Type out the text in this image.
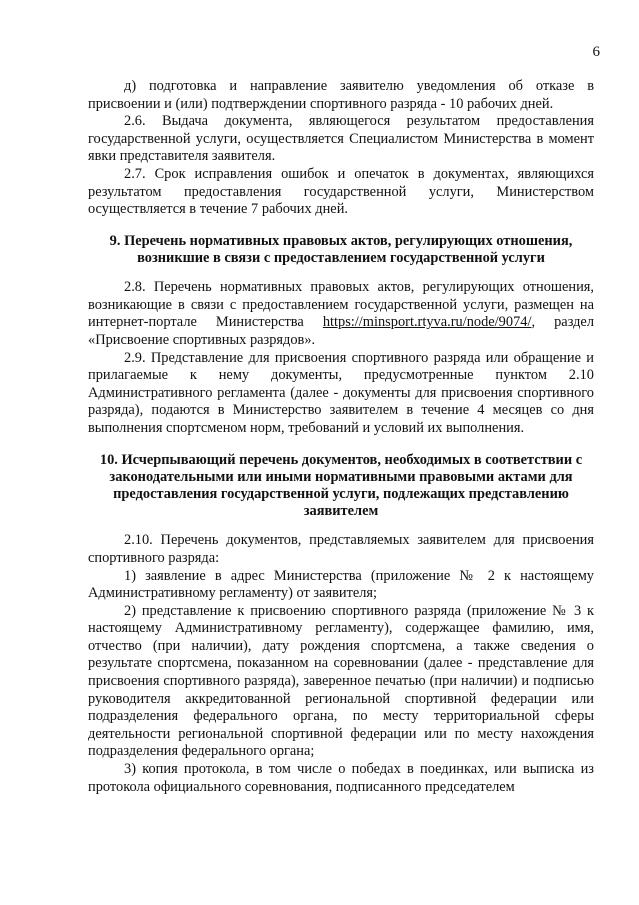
6

д) подготовка и направление заявителю уведомления об отказе в присвоении и (или) подтверждении спортивного разряда - 10 рабочих дней.

2.6. Выдача документа, являющегося результатом предоставления государственной услуги, осуществляется Специалистом Министерства в момент явки представителя заявителя.

2.7. Срок исправления ошибок и опечаток в документах, являющихся результатом предоставления государственной услуги, Министерством осуществляется в течение 7 рабочих дней.

9. Перечень нормативных правовых актов, регулирующих отношения, возникшие в связи с предоставлением государственной услуги

2.8. Перечень нормативных правовых актов, регулирующих отношения, возникающие в связи с предоставлением государственной услуги, размещен на интернет-портале Министерства https://minsport.rtyva.ru/node/9074/, раздел «Присвоение спортивных разрядов».

2.9. Представление для присвоения спортивного разряда или обращение и прилагаемые к нему документы, предусмотренные пунктом 2.10 Административного регламента (далее - документы для присвоения спортивного разряда), подаются в Министерство заявителем в течение 4 месяцев со дня выполнения спортсменом норм, требований и условий их выполнения.

10. Исчерпывающий перечень документов, необходимых в соответствии с законодательными или иными нормативными правовыми актами для предоставления государственной услуги, подлежащих представлению заявителем

2.10. Перечень документов, представляемых заявителем для присвоения спортивного разряда:

1) заявление в адрес Министерства (приложение № 2 к настоящему Административному регламенту) от заявителя;

2) представление к присвоению спортивного разряда (приложение № 3 к настоящему Административному регламенту), содержащее фамилию, имя, отчество (при наличии), дату рождения спортсмена, а также сведения о результате спортсмена, показанном на соревновании (далее - представление для присвоения спортивного разряда), заверенное печатью (при наличии) и подписью руководителя аккредитованной региональной спортивной федерации или подразделения федерального органа, по месту территориальной сферы деятельности региональной спортивной федерации или по месту нахождения подразделения федерального органа;

3) копия протокола, в том числе о победах в поединках, или выписка из протокола официального соревнования, подписанного председателем
